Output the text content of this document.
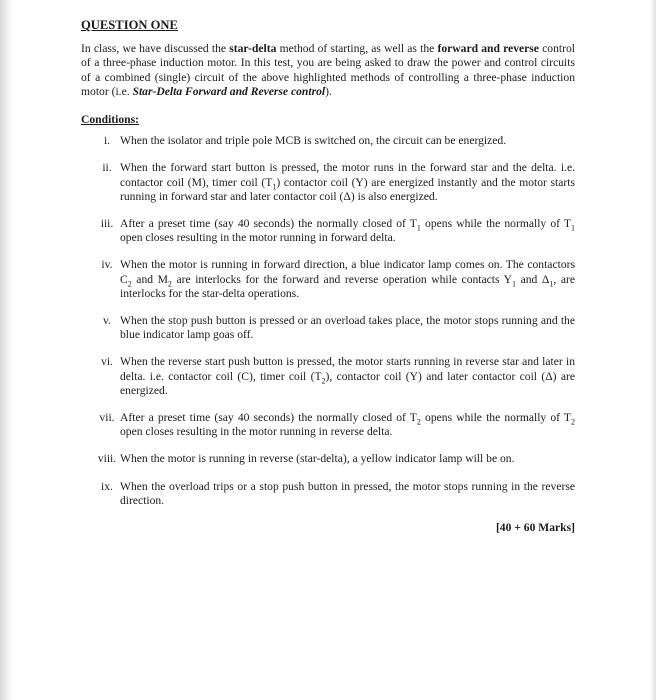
QUESTION ONE
In class, we have discussed the star-delta method of starting, as well as the forward and reverse control of a three-phase induction motor. In this test, you are being asked to draw the power and control circuits of a combined (single) circuit of the above highlighted methods of controlling a three-phase induction motor (i.e. Star-Delta Forward and Reverse control).
Conditions:
i. When the isolator and triple pole MCB is switched on, the circuit can be energized.
ii. When the forward start button is pressed, the motor runs in the forward star and the delta. i.e. contactor coil (M), timer coil $(T_1)$ contactor coil (Y) are energized instantly and the motor starts running in forward star and later contactor coil (Δ) is also energized.
iii. After a preset time (say 40 seconds) the normally closed of $T_1$ opens while the normally of $T_1$ open closes resulting in the motor running in forward delta.
iv. When the motor is running in forward direction, a blue indicator lamp comes on. The contactors $C_2$ and $M_2$ are interlocks for the forward and reverse operation while contacts $Y_1$ and $\Delta_1$, are interlocks for the star-delta operations.
v. When the stop push button is pressed or an overload takes place, the motor stops running and the blue indicator lamp goas off.
vi. When the reverse start push button is pressed, the motor starts running in reverse star and later in delta. i.e. contactor coil (C), timer coil $(T_2)$, contactor coil (Y) and later contactor coil (Δ) are energized.
vii. After a preset time (say 40 seconds) the normally closed of $T_2$ opens while the normally of $T_2$ open closes resulting in the motor running in reverse delta.
viii. When the motor is running in reverse (star-delta), a yellow indicator lamp will be on.
ix. When the overload trips or a stop push button in pressed, the motor stops running in the reverse direction.
[40 + 60 Marks]
